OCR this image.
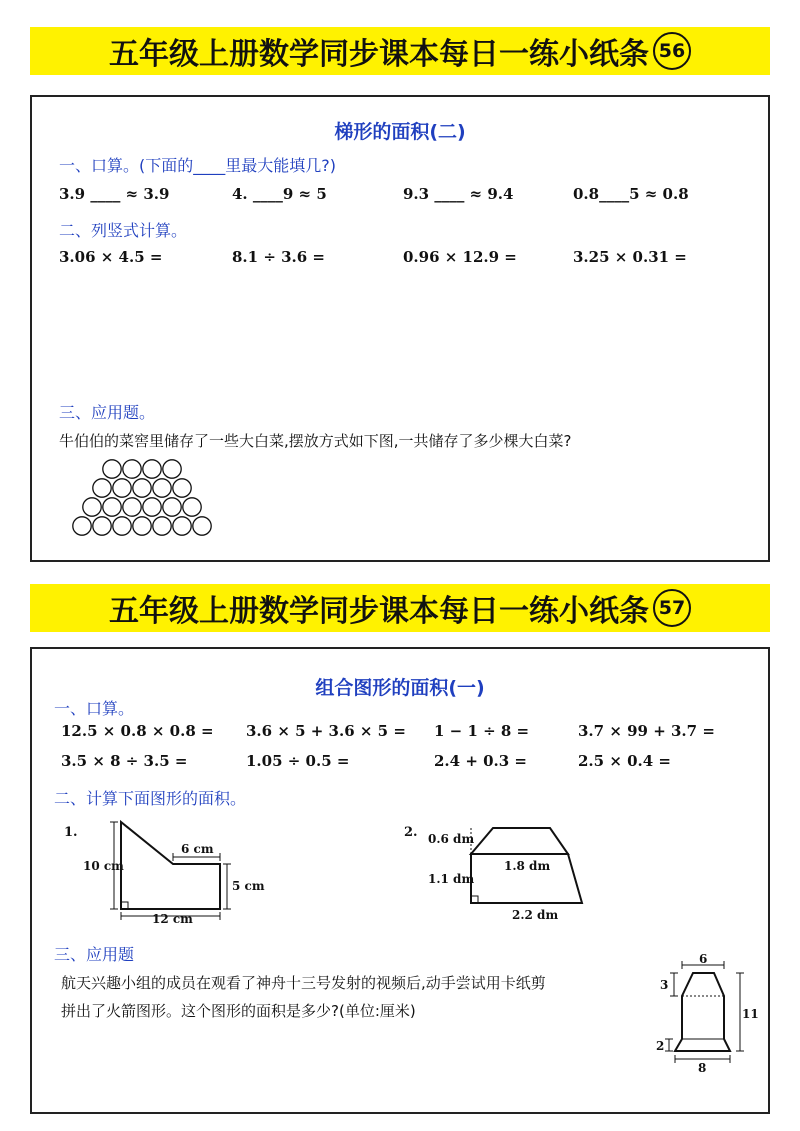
五年级上册数学同步课本每日一练小纸条 56
梯形的面积(二)
一、口算。(下面的____里最大能填几?)
3.9 ____ ≈ 3.9	4. ____9 ≈ 5	9.3 ____ ≈ 9.4	0.8____5 ≈ 0.8
二、列竖式计算。
3.06 × 4.5 =	8.1 ÷ 3.6 =	0.96 × 12.9 =	3.25 × 0.31 =
三、应用题。
牛伯伯的菜窖里储存了一些大白菜,摆放方式如下图,一共储存了多少棵大白菜?
五年级上册数学同步课本每日一练小纸条 57
组合图形的面积(一)
一、口算。
12.5 × 0.8 × 0.8 = 3.6 × 5 + 3.6 × 5 = 1 − 1 ÷ 8 =	3.7 × 99 + 3.7 =
3.5 × 8 ÷ 3.5 =	1.05 ÷ 0.5 =	2.4 + 0.3 =	2.5 × 0.4 =
二、计算下面图形的面积。
1.
10 cm
6 cm
5 cm
12 cm
2. 0.6 dm
1.8 dm
1.1 dm
2.2 dm
三、应用题
航天兴趣小组的成员在观看了神舟十三号发射的视频后,动手尝试用卡纸剪
拼出了火箭图形。这个图形的面积是多少?(单位:厘米)
6
3
11
2
8
